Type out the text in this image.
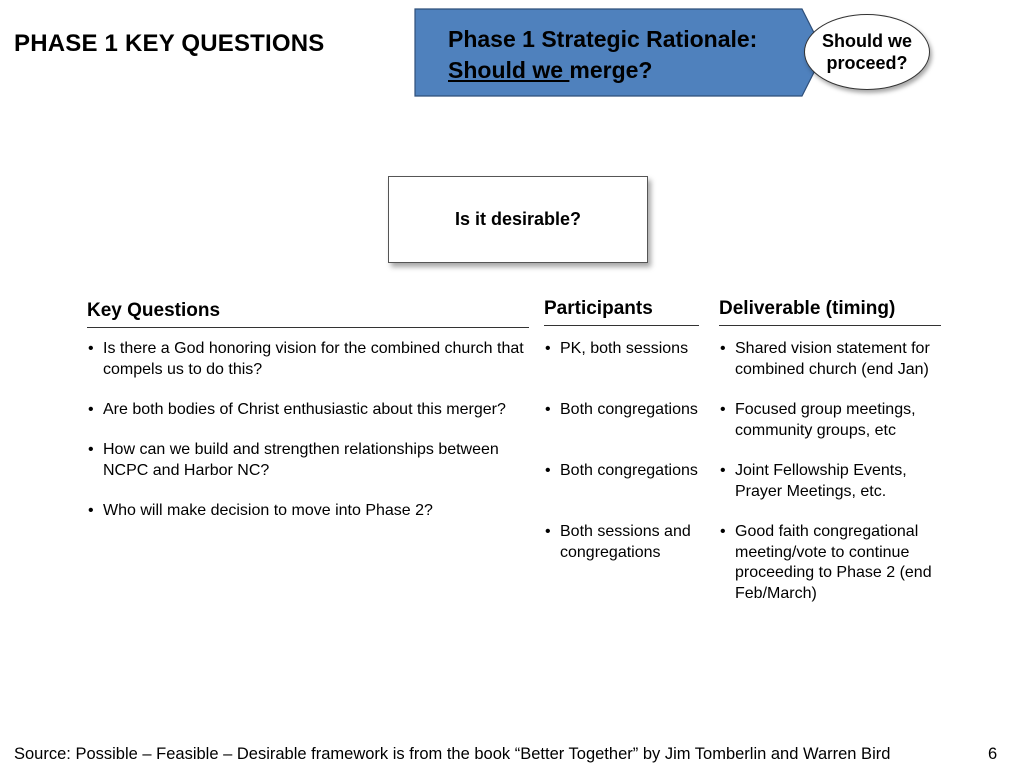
PHASE 1 KEY QUESTIONS	Phase 1 Strategic Rationale:
Should we merge?
Should we
proceed?
Is it desirable?
Key Questions
• Is there a God honoring vision for the combined church that compels us to do this?
• Are both bodies of Christ enthusiastic about this merger?
• How can we build and strengthen relationships between NCPC and Harbor NC?
• Who will make decision to move into Phase 2?
Participants
• PK, both sessions
• Both congregations
• Both congregations
• Both sessions and congregations
Deliverable (timing)
• Shared vision statement for combined church (end Jan)
• Focused group meetings, community groups, etc
• Joint Fellowship Events, Prayer Meetings, etc.
• Good faith congregational meeting/vote to continue proceeding to Phase 2 (end Feb/March)
Source: Possible – Feasible – Desirable framework is from the book “Better Together” by Jim Tomberlin and Warren Bird	6
